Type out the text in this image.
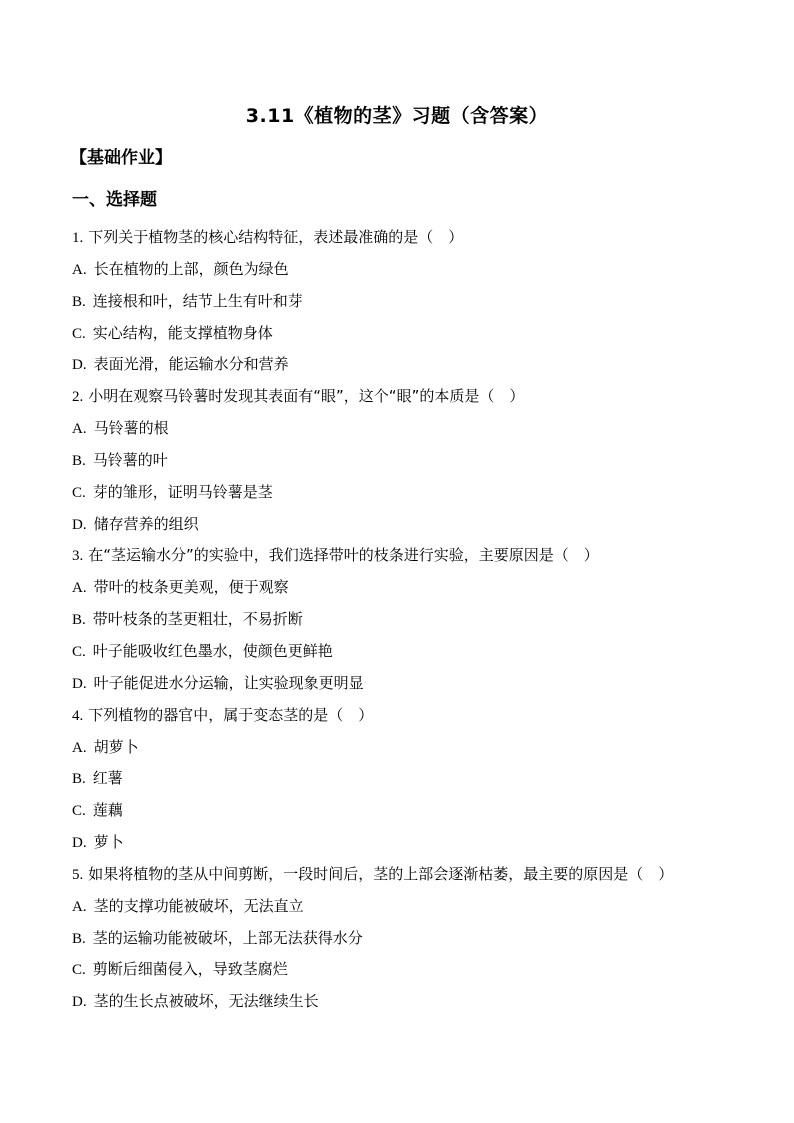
3.11《植物的茎》习题（含答案）
【基础作业】
一、选择题
1. 下列关于植物茎的核心结构特征，表述最准确的是（　）
A. 长在植物的上部，颜色为绿色
B. 连接根和叶，结节上生有叶和芽
C. 实心结构，能支撑植物身体
D. 表面光滑，能运输水分和营养
2. 小明在观察马铃薯时发现其表面有“眼”，这个“眼”的本质是（　）
A. 马铃薯的根
B. 马铃薯的叶
C. 芽的雏形，证明马铃薯是茎
D. 储存营养的组织
3. 在“茎运输水分”的实验中，我们选择带叶的枝条进行实验，主要原因是（　）
A. 带叶的枝条更美观，便于观察
B. 带叶枝条的茎更粗壮，不易折断
C. 叶子能吸收红色墨水，使颜色更鲜艳
D. 叶子能促进水分运输，让实验现象更明显
4. 下列植物的器官中，属于变态茎的是（　）
A. 胡萝卜
B. 红薯
C. 莲藕
D. 萝卜
5. 如果将植物的茎从中间剪断，一段时间后，茎的上部会逐渐枯萎，最主要的原因是（　）
A. 茎的支撑功能被破坏，无法直立
B. 茎的运输功能被破坏，上部无法获得水分
C. 剪断后细菌侵入，导致茎腐烂
D. 茎的生长点被破坏，无法继续生长
